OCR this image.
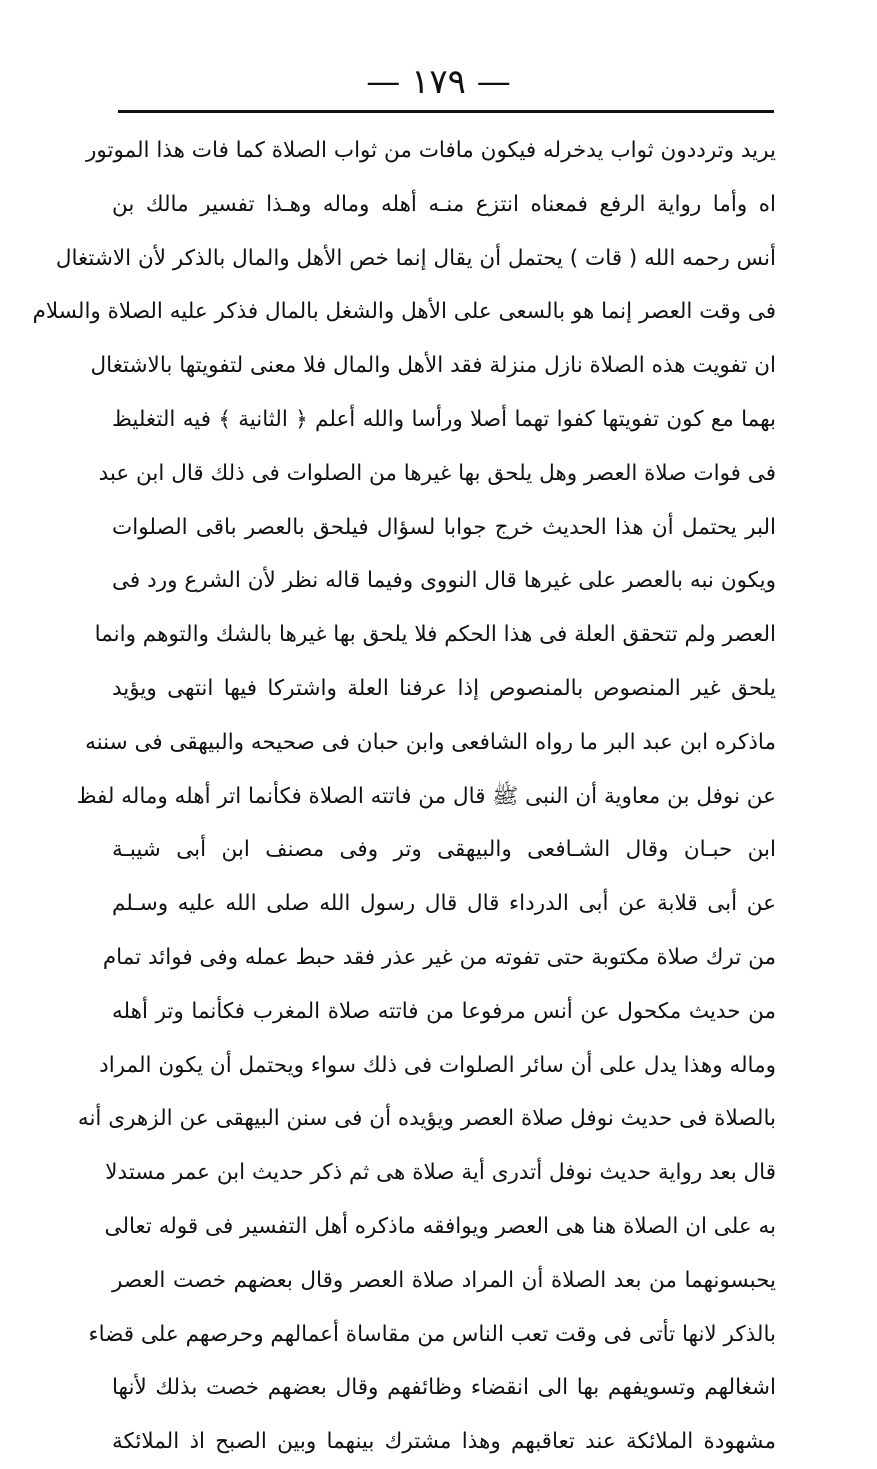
— ١٧٩ —
يريد وترددون ثواب يدخرله فيكون مافات من ثواب الصلاة كما فات هذا الموتور
اه وأما رواية الرفع فمعناه انتزع منـه أهله وماله وهـذا تفسير مالك بن
أنس رحمه الله ( قات ) يحتمل أن يقال إنما خص الأهل والمال بالذكر لأن الاشتغال
فى وقت العصر إنما هو بالسعى على الأهل والشغل بالمال فذكر عليه الصلاة والسلام
ان تفويت هذه الصلاة نازل منزلة فقد الأهل والمال فلا معنى لتفويتها بالاشتغال
بهما مع كون تفويتها كفوا تهما أصلا ورأسا والله أعلم ﴿ الثانية ﴾ فيه التغليظ
فى فوات صلاة العصر وهل يلحق بها غيرها من الصلوات فى ذلك قال ابن عبد
البر يحتمل أن هذا الحديث خرج جوابا لسؤال فيلحق بالعصر باقى الصلوات
ويكون نبه بالعصر على غيرها قال النووى وفيما قاله نظر لأن الشرع ورد فى
العصر ولم تتحقق العلة فى هذا الحكم فلا يلحق بها غيرها بالشك والتوهم وانما
يلحق غير المنصوص بالمنصوص إذا عرفنا العلة واشتركا فيها انتهى ويؤيد
ماذكره ابن عبد البر ما رواه الشافعى وابن حبان فى صحيحه والبيهقى فى سننه
عن نوفل بن معاوية أن النبى ﷺ قال من فاتته الصلاة فكأنما اتر أهله وماله لفظ
ابن حبـان وقال الشـافعى والبيهقى وتر وفى مصنف ابن أبى شيبـة
عن أبى قلابة عن أبى الدرداء قال قال رسول الله صلى الله عليه وسـلم
من ترك صلاة مكتوبة حتى تفوته من غير عذر فقد حبط عمله وفى فوائد تمام
من حديث مكحول عن أنس مرفوعا من فاتته صلاة المغرب فكأنما وتر أهله
وماله وهذا يدل على أن سائر الصلوات فى ذلك سواء ويحتمل أن يكون المراد
بالصلاة فى حديث نوفل صلاة العصر ويؤيده أن فى سنن البيهقى عن الزهرى أنه
قال بعد رواية حديث نوفل أتدرى أية صلاة هى ثم ذكر حديث ابن عمر مستدلا
به على ان الصلاة هنا هى العصر ويوافقه ماذكره أهل التفسير فى قوله تعالى
يحبسونهما من بعد الصلاة أن المراد صلاة العصر وقال بعضهم خصت العصر
بالذكر لانها تأتى فى وقت تعب الناس من مقاساة أعمالهم وحرصهم على قضاء
اشغالهم وتسويفهم بها الى انقضاء وظائفهم وقال بعضهم خصت بذلك لأنها
مشهودة الملائكة عند تعاقبهم وهذا مشترك بينهما وبين الصبح اذ الملائكة
